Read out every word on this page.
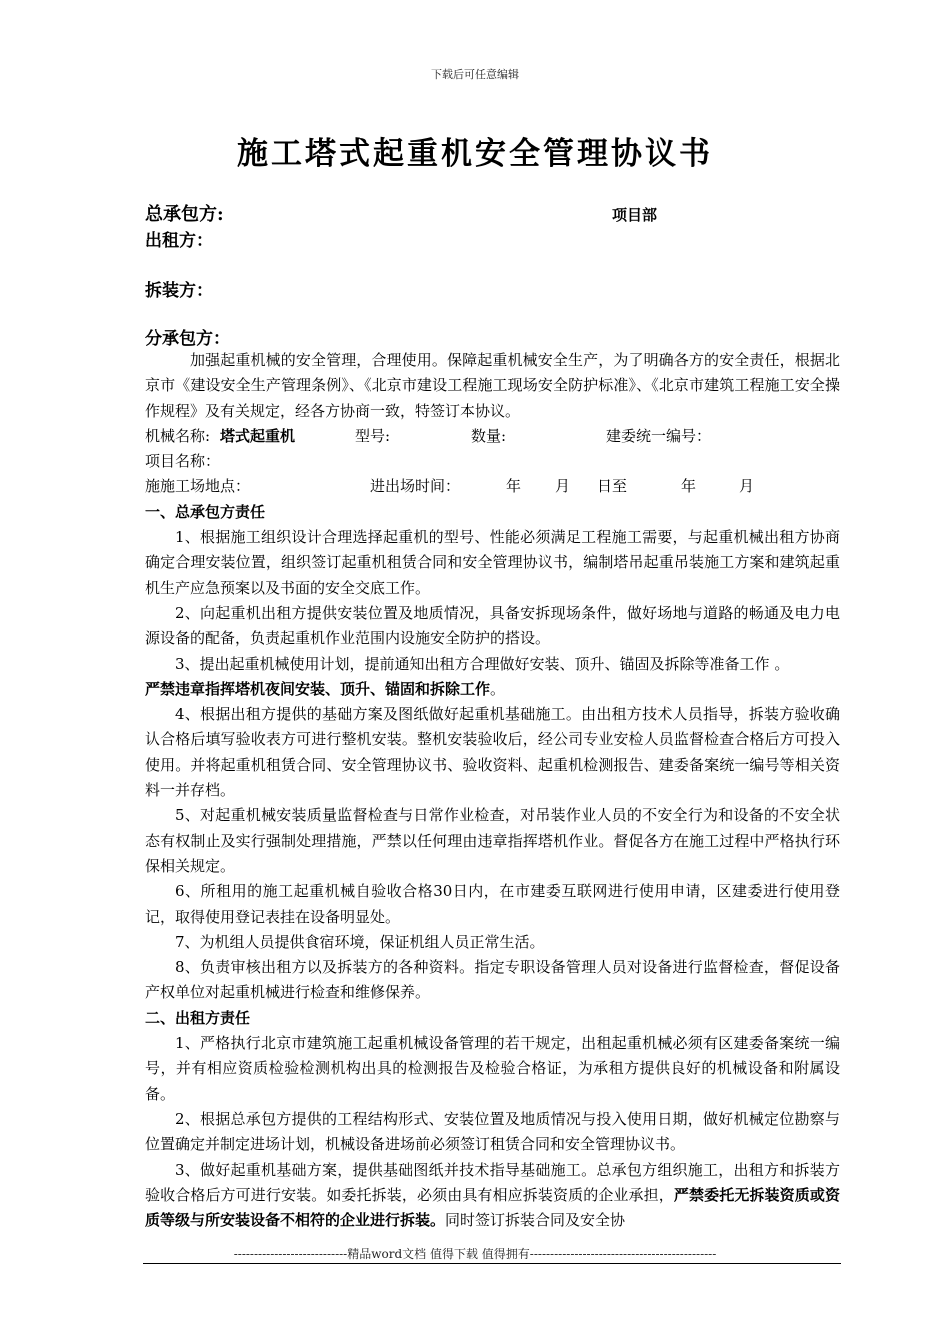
下载后可任意编辑
施工塔式起重机安全管理协议书
总承包方:	项目部
出租方：
拆装方：
分承包方：

加强起重机械的安全管理，合理使用。保障起重机械安全生产，为了明确各方的安全责任，根据北京市《建设安全生产管理条例》、《北京市建设工程施工现场安全防护标准》、《北京市建筑工程施工安全操作规程》及有关规定，经各方协商一致，特签订本协议。

机械名称: 塔式起重机	型号:	数量:	建委统一编号：
项目名称：
施施工场地点：	进出场时间：	年 月 日至	年	月

一、总承包方责任

1、根据施工组织设计合理选择起重机的型号、性能必须满足工程施工需要，与起重机械出租方协商确定合理安装位置，组织签订起重机租赁合同和安全管理协议书，编制塔吊起重吊装施工方案和建筑起重机生产应急预案以及书面的安全交底工作。

2、向起重机出租方提供安装位置及地质情况，具备安拆现场条件，做好场地与道路的畅通及电力电源设备的配备，负责起重机作业范围内设施安全防护的搭设。

3、提出起重机械使用计划，提前通知出租方合理做好安装、顶升、锚固及拆除等准备工作 。

严禁违章指挥塔机夜间安装、顶升、锚固和拆除工作。

4、根据出租方提供的基础方案及图纸做好起重机基础施工。由出租方技术人员指导，拆装方验收确认合格后填写验收表方可进行整机安装。整机安装验收后，经公司专业安检人员监督检查合格后方可投入使用。并将起重机租赁合同、安全管理协议书、验收资料、起重机检测报告、建委备案统一编号等相关资料一并存档。

5、对起重机械安装质量监督检查与日常作业检查，对吊装作业人员的不安全行为和设备的不安全状态有权制止及实行强制处理措施，严禁以任何理由违章指挥塔机作业。督促各方在施工过程中严格执行环保相关规定。

6、所租用的施工起重机械自验收合格30日内，在市建委互联网进行使用申请，区建委进行使用登记，取得使用登记表挂在设备明显处。

7、为机组人员提供食宿环境，保证机组人员正常生活。

8、负责审核出租方以及拆装方的各种资料。指定专职设备管理人员对设备进行监督检查，督促设备产权单位对起重机械进行检查和维修保养。

二、出租方责任

1、严格执行北京市建筑施工起重机械设备管理的若干规定，出租起重机械必须有区建委备案统一编号，并有相应资质检验检测机构出具的检测报告及检验合格证，为承租方提供良好的机械设备和附属设备。

2、根据总承包方提供的工程结构形式、安装位置及地质情况与投入使用日期，做好机械定位勘察与位置确定并制定进场计划，机械设备进场前必须签订租赁合同和安全管理协议书。

3、做好起重机基础方案，提供基础图纸并技术指导基础施工。总承包方组织施工，出租方和拆装方验收合格后方可进行安装。如委托拆装，必须由具有相应拆装资质的企业承担，严禁委托无拆装资质或资质等级与所安装设备不相符的企业进行拆装。同时签订拆装合同及安全协

----------------------------精品word文档 值得下载 值得拥有----------------------------------------------
